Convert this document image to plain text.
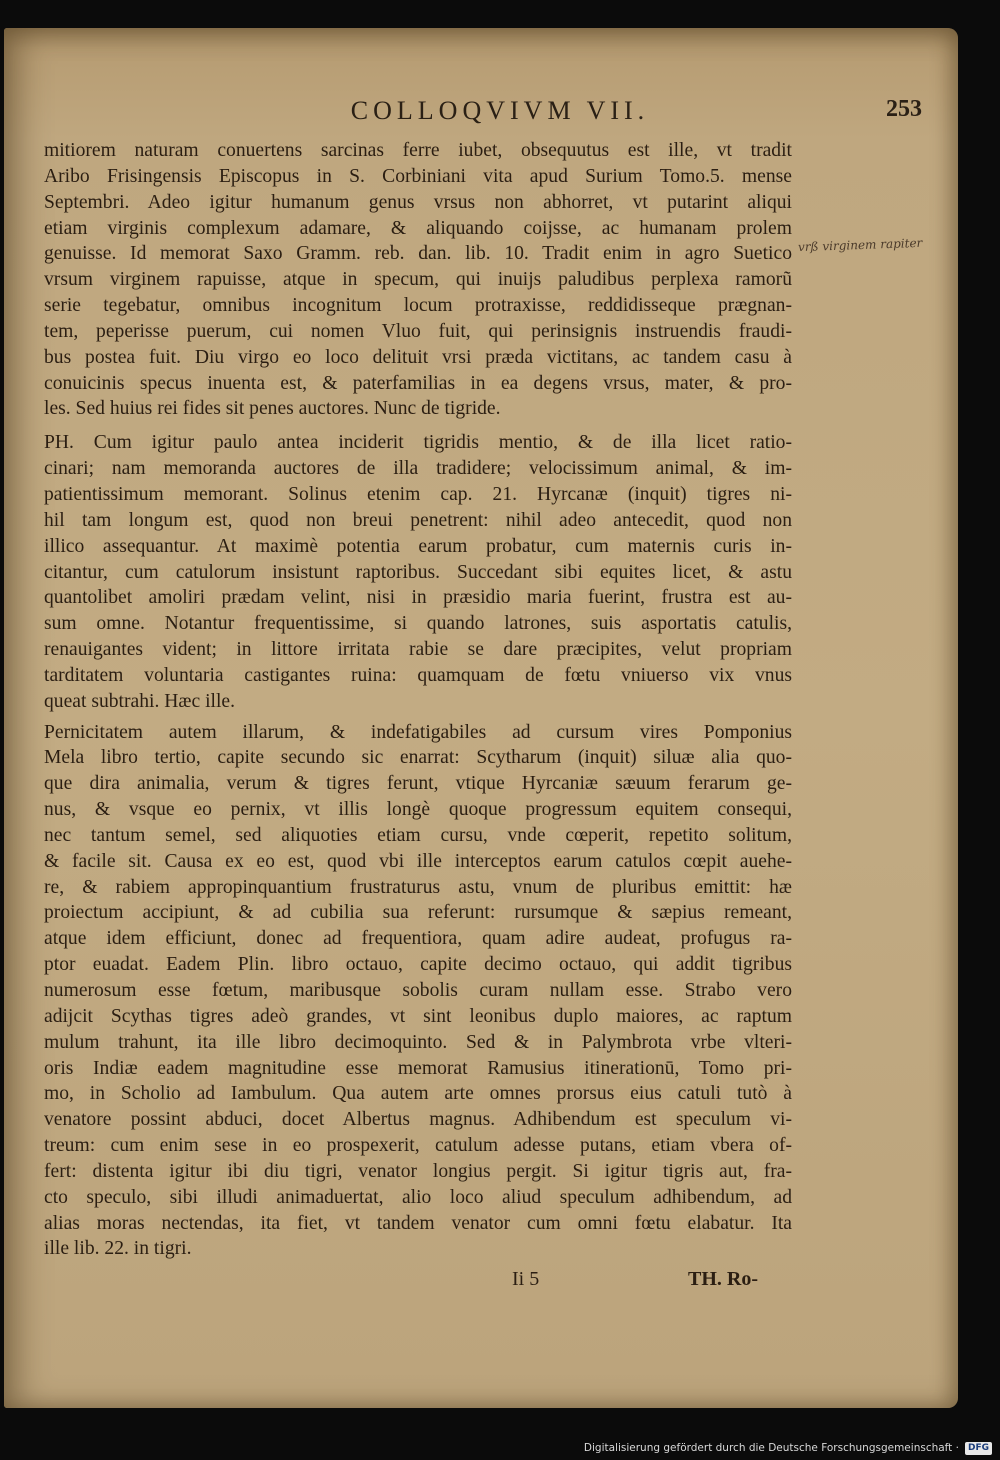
COLLOQVIVM VII.	253
vrß virginem rapiter
mitiorem naturam conuertens sarcinas ferre iubet, obsequutus est ille, vt tradit
Aribo Frisingensis Episcopus in S. Corbiniani vita apud Surium Tomo.5. mense
Septembri. Adeo igitur humanum genus vrsus non abhorret, vt putarint aliqui
etiam virginis complexum adamare, & aliquando coijsse, ac humanam prolem
genuisse. Id memorat Saxo Gramm. reb. dan. lib. 10. Tradit enim in agro Suetico
vrsum virginem rapuisse, atque in specum, qui inuijs paludibus perplexa ramorũ
serie tegebatur, omnibus incognitum locum protraxisse, reddidisseque prægnan-
tem, peperisse puerum, cui nomen Vluo fuit, qui perinsignis instruendis fraudi-
bus postea fuit. Diu virgo eo loco delituit vrsi præda victitans, ac tandem casu à
conuicinis specus inuenta est, & paterfamilias in ea degens vrsus, mater, & pro-
les. Sed huius rei fides sit penes auctores. Nunc de tigride.
PH. Cum igitur paulo antea inciderit tigridis mentio, & de illa licet ratio-
cinari; nam memoranda auctores de illa tradidere; velocissimum animal, & im-
patientissimum memorant. Solinus etenim cap. 21. Hyrcanæ (inquit) tigres ni-
hil tam longum est, quod non breui penetrent: nihil adeo antecedit, quod non
illico assequantur. At maximè potentia earum probatur, cum maternis curis in-
citantur, cum catulorum insistunt raptoribus. Succedant sibi equites licet, & astu
quantolibet amoliri prædam velint, nisi in præsidio maria fuerint, frustra est au-
sum omne. Notantur frequentissime, si quando latrones, suis asportatis catulis,
renauigantes vident; in littore irritata rabie se dare præcipites, velut propriam
tarditatem voluntaria castigantes ruina: quamquam de fœtu vniuerso vix vnus
queat subtrahi. Hæc ille.
Pernicitatem autem illarum, & indefatigabiles ad cursum vires Pomponius
Mela libro tertio, capite secundo sic enarrat: Scytharum (inquit) siluæ alia quo-
que dira animalia, verum & tigres ferunt, vtique Hyrcaniæ sæuum ferarum ge-
nus, & vsque eo pernix, vt illis longè quoque progressum equitem consequi,
nec tantum semel, sed aliquoties etiam cursu, vnde cœperit, repetito solitum,
& facile sit. Causa ex eo est, quod vbi ille interceptos earum catulos cœpit auehe-
re, & rabiem appropinquantium frustraturus astu, vnum de pluribus emittit: hæ
proiectum accipiunt, & ad cubilia sua referunt: rursumque & sæpius remeant,
atque idem efficiunt, donec ad frequentiora, quam adire audeat, profugus ra-
ptor euadat. Eadem Plin. libro octauo, capite decimo octauo, qui addit tigribus
numerosum esse fœtum, maribusque sobolis curam nullam esse. Strabo vero
adijcit Scythas tigres adeò grandes, vt sint leonibus duplo maiores, ac raptum
mulum trahunt, ita ille libro decimoquinto. Sed & in Palymbrota vrbe vlteri-
oris Indiæ eadem magnitudine esse memorat Ramusius itinerationū, Tomo pri-
mo, in Scholio ad Iambulum. Qua autem arte omnes prorsus eius catuli tutò à
venatore possint abduci, docet Albertus magnus. Adhibendum est speculum vi-
treum: cum enim sese in eo prospexerit, catulum adesse putans, etiam vbera of-
fert: distenta igitur ibi diu tigri, venator longius pergit. Si igitur tigris aut, fra-
cto speculo, sibi illudi animaduertat, alio loco aliud speculum adhibendum, ad
alias moras nectendas, ita fiet, vt tandem venator cum omni fœtu elabatur. Ita
ille lib. 22. in tigri.
Ii 5	TH. Ro-
Digitalisierung gefördert durch die Deutsche Forschungsgemeinschaft ·	DFG
